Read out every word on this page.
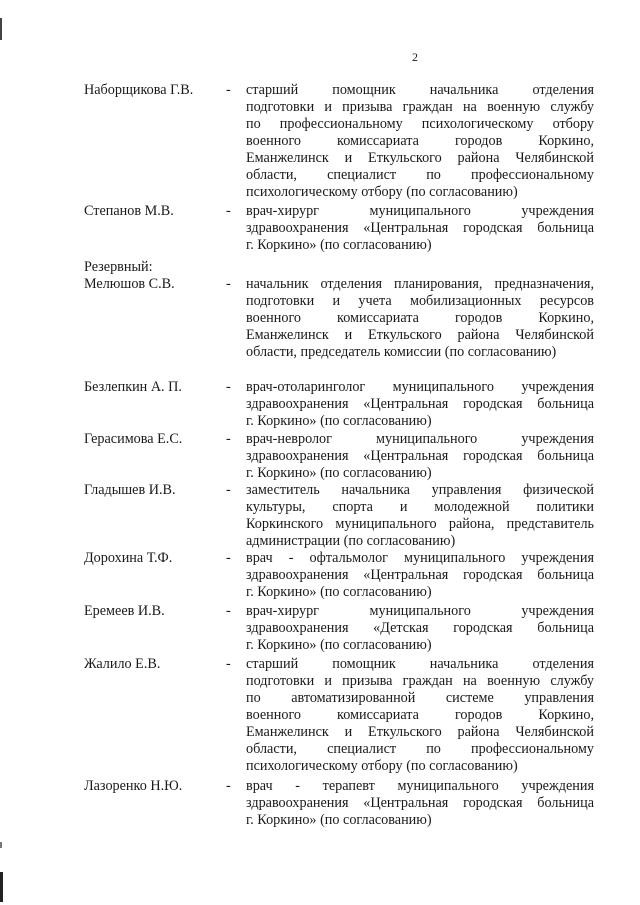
2
Резервный:
Наборщикова Г.В.	-	старший помощник начальника отделения
подготовки и призыва граждан на военную службу
по профессиональному психологическому отбору
военного комиссариата городов Коркино,
Еманжелинск и Еткульского района Челябинской
области, специалист по профессиональному
психологическому отбору (по согласованию)
Степанов М.В.	-	врач-хирург муниципального учреждения
здравоохранения «Центральная городская больница
г. Коркино» (по согласованию)
Мелюшов С.В.	-	начальник отделения планирования, предназначения,
подготовки и учета мобилизационных ресурсов
военного комиссариата городов Коркино,
Еманжелинск и Еткульского района Челябинской
области, председатель комиссии (по согласованию)
Безлепкин А. П.	-	врач-отоларинголог муниципального учреждения
здравоохранения «Центральная городская больница
г. Коркино» (по согласованию)
Герасимова Е.С.	-	врач-невролог муниципального учреждения
здравоохранения «Центральная городская больница
г. Коркино» (по согласованию)
Гладышев И.В.	-	заместитель начальника управления физической
культуры, спорта и молодежной политики
Коркинского муниципального района, представитель
администрации (по согласованию)
Дорохина Т.Ф.	-	врач - офтальмолог муниципального учреждения
здравоохранения «Центральная городская больница
г. Коркино» (по согласованию)
Еремеев И.В.	-	врач-хирург муниципального учреждения
здравоохранения «Детская городская больница
г. Коркино» (по согласованию)
Жалило Е.В.	-	старший помощник начальника отделения
подготовки и призыва граждан на военную службу
по автоматизированной системе управления
военного комиссариата городов Коркино,
Еманжелинск и Еткульского района Челябинской
области, специалист по профессиональному
психологическому отбору (по согласованию)
Лазоренко Н.Ю.	-	врач - терапевт муниципального учреждения
здравоохранения «Центральная городская больница
г. Коркино» (по согласованию)
